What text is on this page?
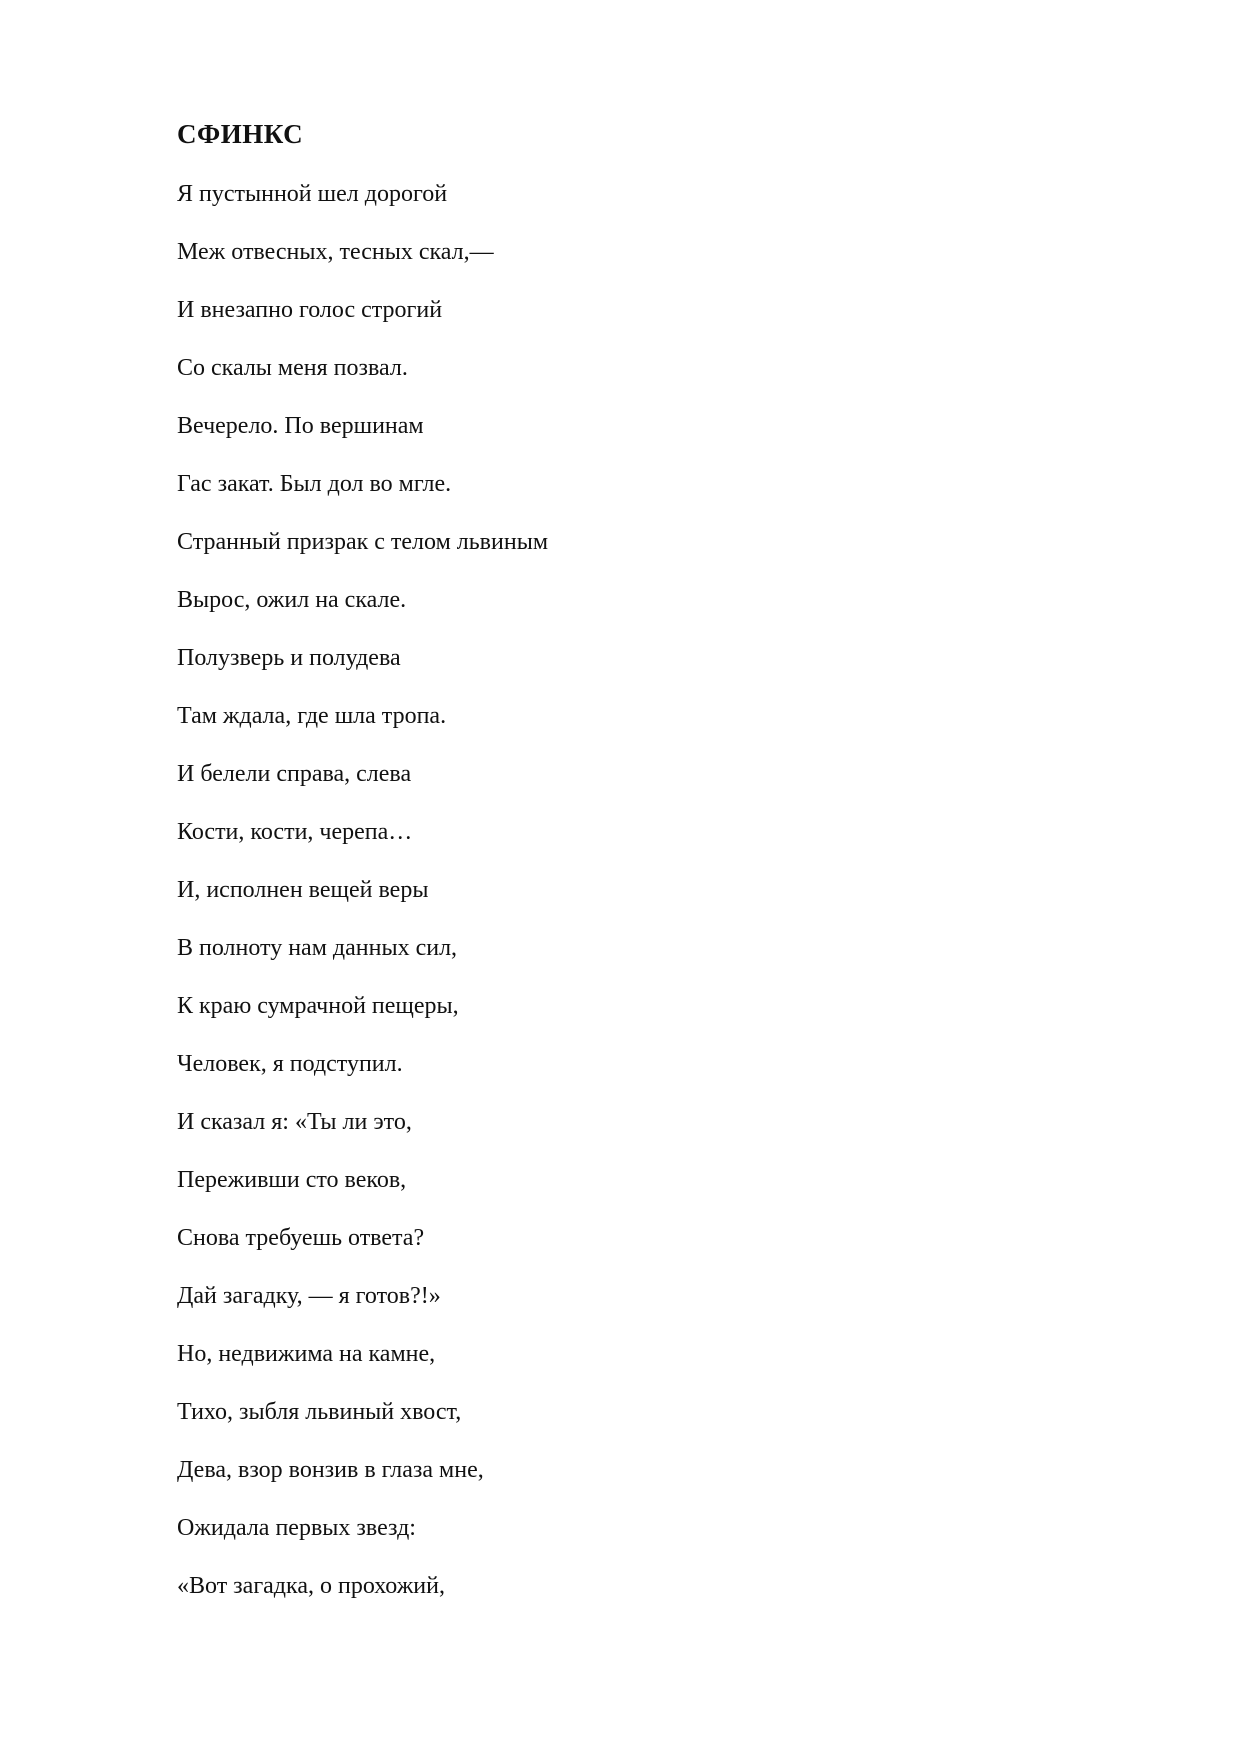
СФИНКС
Я пустынной шел дорогой
Меж отвесных, тесных скал,—
И внезапно голос строгий
Со скалы меня позвал.
Вечерело. По вершинам
Гас закат. Был дол во мгле.
Странный призрак с телом львиным
Вырос, ожил на скале.
Полузверь и полудева
Там ждала, где шла тропа.
И белели справа, слева
Кости, кости, черепа…
И, исполнен вещей веры
В полноту нам данных сил,
К краю сумрачной пещеры,
Человек, я подступил.
И сказал я: «Ты ли это,
Переживши сто веков,
Снова требуешь ответа?
Дай загадку, — я готов?!»
Но, недвижима на камне,
Тихо, зыбля львиный хвост,
Дева, взор вонзив в глаза мне,
Ожидала первых звезд:
«Вот загадка, о прохожий,
